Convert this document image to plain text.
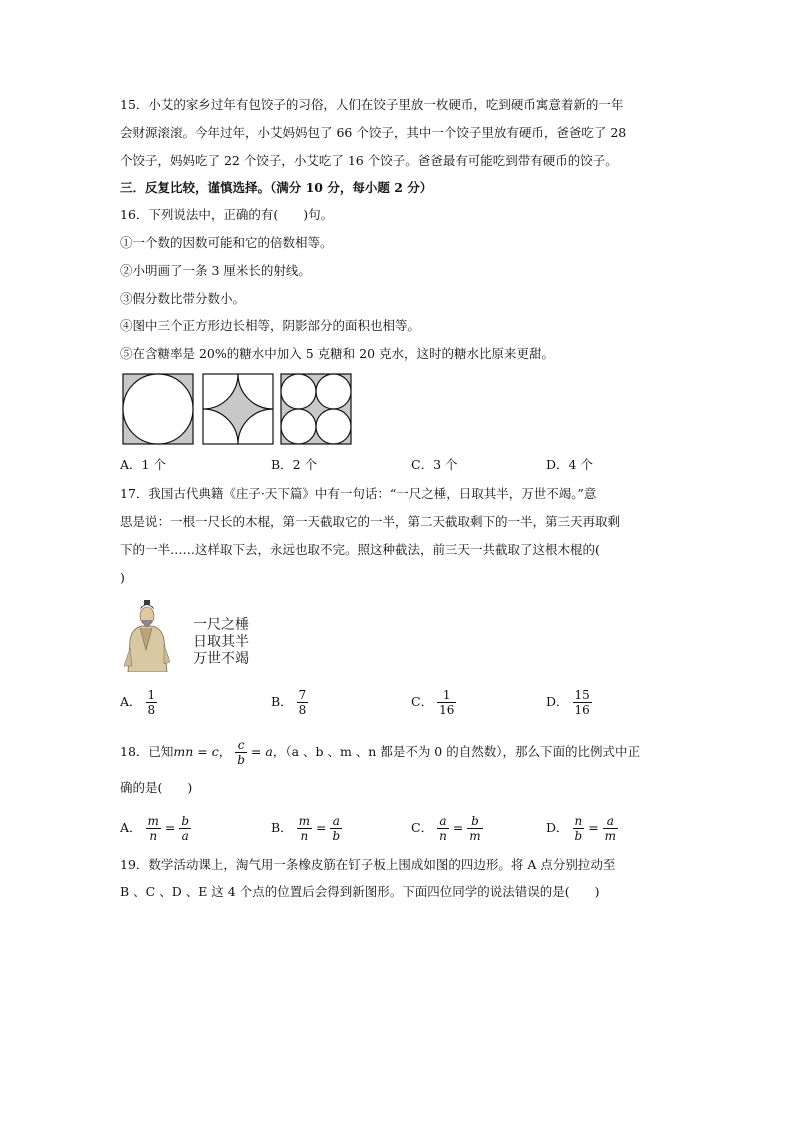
15．小艾的家乡过年有包饺子的习俗，人们在饺子里放一枚硬币，吃到硬币寓意着新的一年
会财源滚滚。今年过年，小艾妈妈包了 66 个饺子，其中一个饺子里放有硬币，爸爸吃了 28
个饺子，妈妈吃了 22 个饺子，小艾吃了 16 个饺子。爸爸最有可能吃到带有硬币的饺子。
三．反复比较，谨慎选择。（满分 10 分，每小题 2 分）
16．下列说法中，正确的有(　　)句。
①一个数的因数可能和它的倍数相等。
②小明画了一条 3 厘米长的射线。
③假分数比带分数小。
④图中三个正方形边长相等，阴影部分的面积也相等。
⑤在含糖率是 20%的糖水中加入 5 克糖和 20 克水，这时的糖水比原来更甜。
A．1 个	B．2 个	C．3 个	D．4 个
17．我国古代典籍《庄子·天下篇》中有一句话：“一尺之棰，日取其半，万世不竭。”意
思是说：一根一尺长的木棍，第一天截取它的一半，第二天截取剩下的一半，第三天再取剩
下的一半……这样取下去，永远也取不完。照这种截法，前三天一共截取了这根木棍的(
)
一尺之棰
日取其半
万世不竭
A． $\frac{1}{8}$	B． $\frac{7}{8}$	C． $\frac{1}{16}$	D． $\frac{15}{16}$
18．已知mn = c， $\frac{c}{b} = a$，（a 、b 、m 、n 都是不为 0 的自然数），那么下面的比例式中正
确的是(　　)
A． $\frac{m}{n} = \frac{b}{a}$	B． $\frac{m}{n} = \frac{a}{b}$	C． $\frac{a}{n} = \frac{b}{m}$	D． $\frac{n}{b} = \frac{a}{m}$
19．数学活动课上，淘气用一条橡皮筋在钉子板上围成如图的四边形。将 A 点分别拉动至
B 、C 、D 、E 这 4 个点的位置后会得到新图形。下面四位同学的说法错误的是(　　)
